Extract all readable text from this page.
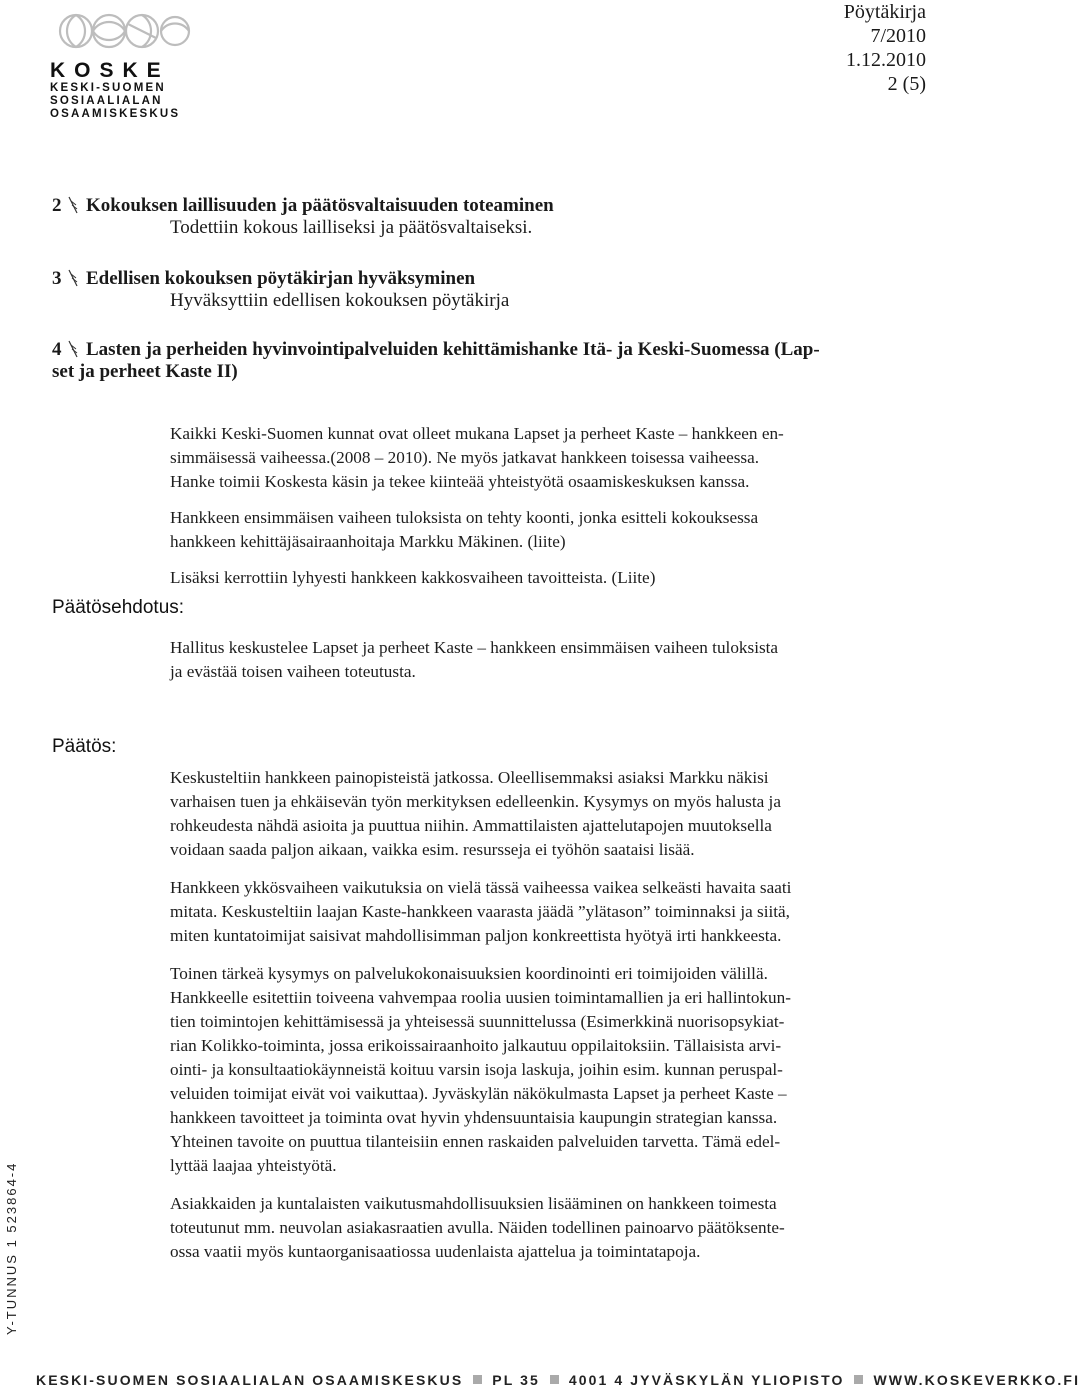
KOSKE
KESKI-SUOMEN
SOSIAALIALAN
OSAAMISKESKUS
Pöytäkirja
7/2010
1.12.2010
2 (5)
2 Kokouksen laillisuuden ja päätösvaltaisuuden toteaminen
Todettiin kokous lailliseksi ja päätösvaltaiseksi.
3 Edellisen kokouksen pöytäkirjan hyväksyminen
Hyväksyttiin edellisen kokouksen pöytäkirja
4 Lasten ja perheiden hyvinvointipalveluiden kehittämishanke Itä- ja Keski-Suomessa (Lap-
set ja perheet Kaste II)
Päätösehdotus:

Kaikki Keski-Suomen kunnat ovat olleet mukana Lapset ja perheet Kaste – hankkeen en-

simmäisessä vaiheessa.(2008 – 2010). Ne myös jatkavat hankkeen toisessa vaiheessa.

Hanke toimii Koskesta käsin ja tekee kiinteää yhteistyötä osaamiskeskuksen kanssa.

Hankkeen ensimmäisen vaiheen tuloksista on tehty koonti, jonka esitteli kokouksessa

hankkeen kehittäjäsairaanhoitaja Markku Mäkinen. (liite)

Lisäksi kerrottiin lyhyesti hankkeen kakkosvaiheen tavoitteista. (Liite)

Hallitus keskustelee Lapset ja perheet Kaste – hankkeen ensimmäisen vaiheen tuloksista

ja evästää toisen vaiheen toteutusta.

Päätös:

Keskusteltiin hankkeen painopisteistä jatkossa. Oleellisemmaksi asiaksi Markku näkisi

varhaisen tuen ja ehkäisevän työn merkityksen edelleenkin. Kysymys on myös halusta ja

rohkeudesta nähdä asioita ja puuttua niihin. Ammattilaisten ajattelutapojen muutoksella

voidaan saada paljon aikaan, vaikka esim. resursseja ei työhön saataisi lisää.

Hankkeen ykkösvaiheen vaikutuksia on vielä tässä vaiheessa vaikea selkeästi havaita saati

mitata. Keskusteltiin laajan Kaste-hankkeen vaarasta jäädä ”ylätason” toiminnaksi ja siitä,

miten kuntatoimijat saisivat mahdollisimman paljon konkreettista hyötyä irti hankkeesta.

Toinen tärkeä kysymys on palvelukokonaisuuksien koordinointi eri toimijoiden välillä.

Hankkeelle esitettiin toiveena vahvempaa roolia uusien toimintamallien ja eri hallintokun-

tien toimintojen kehittämisessä ja yhteisessä suunnittelussa (Esimerkkinä nuorisopsykiat-

rian Kolikko-toiminta, jossa erikoissairaanhoito jalkautuu oppilaitoksiin. Tällaisista arvi-

ointi- ja konsultaatiokäynneistä koituu varsin isoja laskuja, joihin esim. kunnan peruspal-

veluiden toimijat eivät voi vaikuttaa). Jyväskylän näkökulmasta Lapset ja perheet Kaste –

hankkeen tavoitteet ja toiminta ovat hyvin yhdensuuntaisia kaupungin strategian kanssa.

Yhteinen tavoite on puuttua tilanteisiin ennen raskaiden palveluiden tarvetta. Tämä edel-

lyttää laajaa yhteistyötä.

Asiakkaiden ja kuntalaisten vaikutusmahdollisuuksien lisääminen on hankkeen toimesta

toteutunut mm. neuvolan asiakasraatien avulla. Näiden todellinen painoarvo päätöksente-

ossa vaatii myös kuntaorganisaatiossa uudenlaista ajattelua ja toimintatapoja.

Y-TUNNUS 1 523864-4
KESKI-SUOMEN SOSIAALIALAN OSAAMISKESKUS PL 35 4001 4 JYVÄSKYLÄN YLIOPISTO WWW.KOSKEVERKKO.FI
